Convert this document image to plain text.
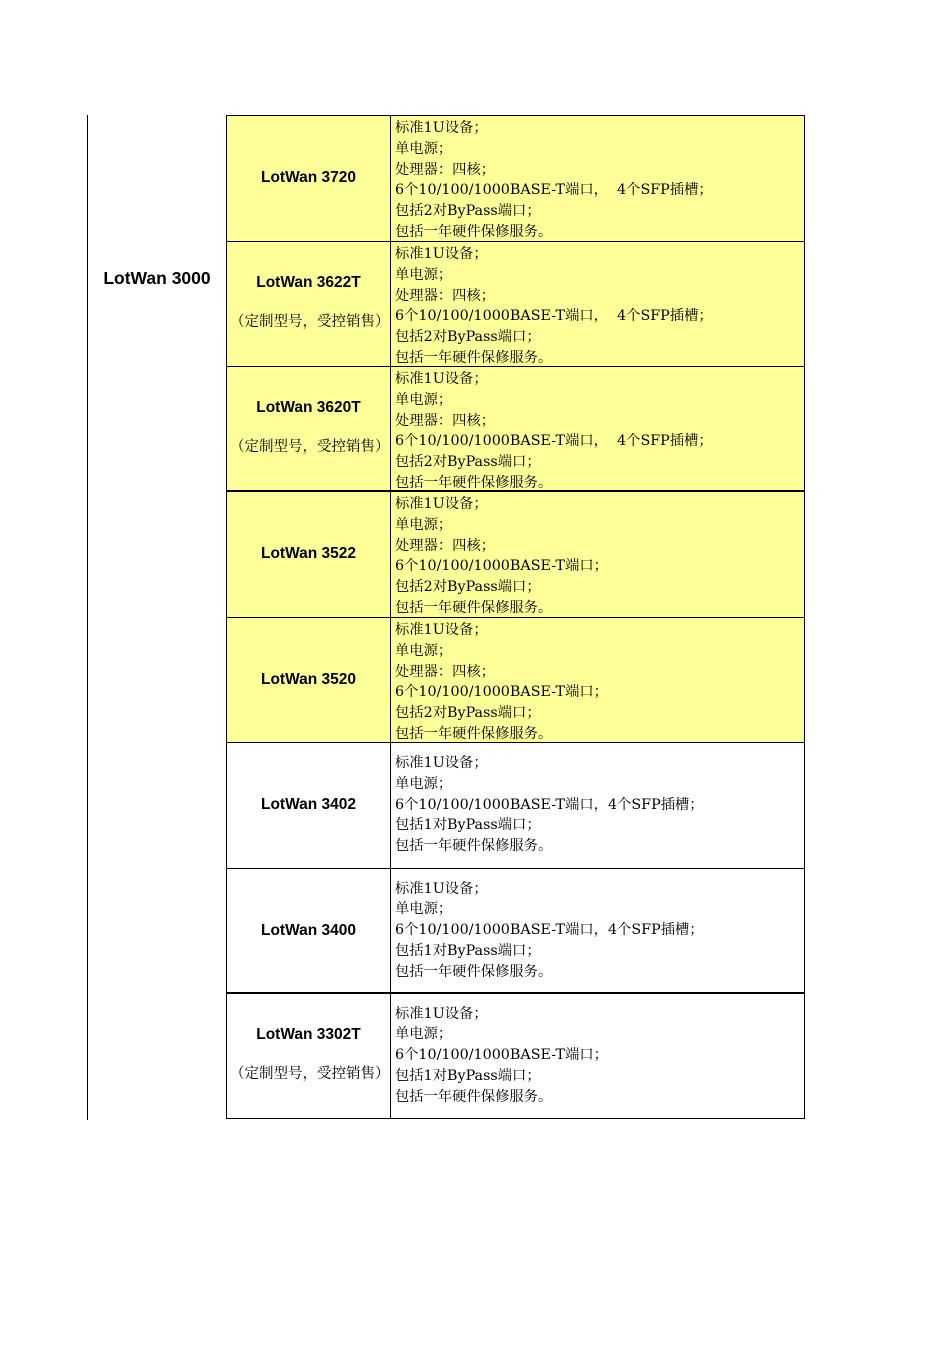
LotWan 3000
LotWan 3720
标准1U设备；
单电源；
处理器：四核；
6个10/100/1000BASE-T端口，  4个SFP插槽；
包括2对ByPass端口；
包括一年硬件保修服务。
LotWan 3622T
（定制型号，受控销售）
标准1U设备；
单电源；
处理器：四核；
6个10/100/1000BASE-T端口，  4个SFP插槽；
包括2对ByPass端口；
包括一年硬件保修服务。
LotWan 3620T
（定制型号，受控销售）
标准1U设备；
单电源；
处理器：四核；
6个10/100/1000BASE-T端口，  4个SFP插槽；
包括2对ByPass端口；
包括一年硬件保修服务。
LotWan 3522
标准1U设备；
单电源；
处理器：四核；
6个10/100/1000BASE-T端口；
包括2对ByPass端口；
包括一年硬件保修服务。
LotWan 3520
标准1U设备；
单电源；
处理器：四核；
6个10/100/1000BASE-T端口；
包括2对ByPass端口；
包括一年硬件保修服务。
LotWan 3402
标准1U设备；
单电源；
6个10/100/1000BASE-T端口，4个SFP插槽；
包括1对ByPass端口；
包括一年硬件保修服务。
LotWan 3400
标准1U设备；
单电源；
6个10/100/1000BASE-T端口，4个SFP插槽；
包括1对ByPass端口；
包括一年硬件保修服务。
LotWan 3302T
（定制型号，受控销售）
标准1U设备；
单电源；
6个10/100/1000BASE-T端口；
包括1对ByPass端口；
包括一年硬件保修服务。
